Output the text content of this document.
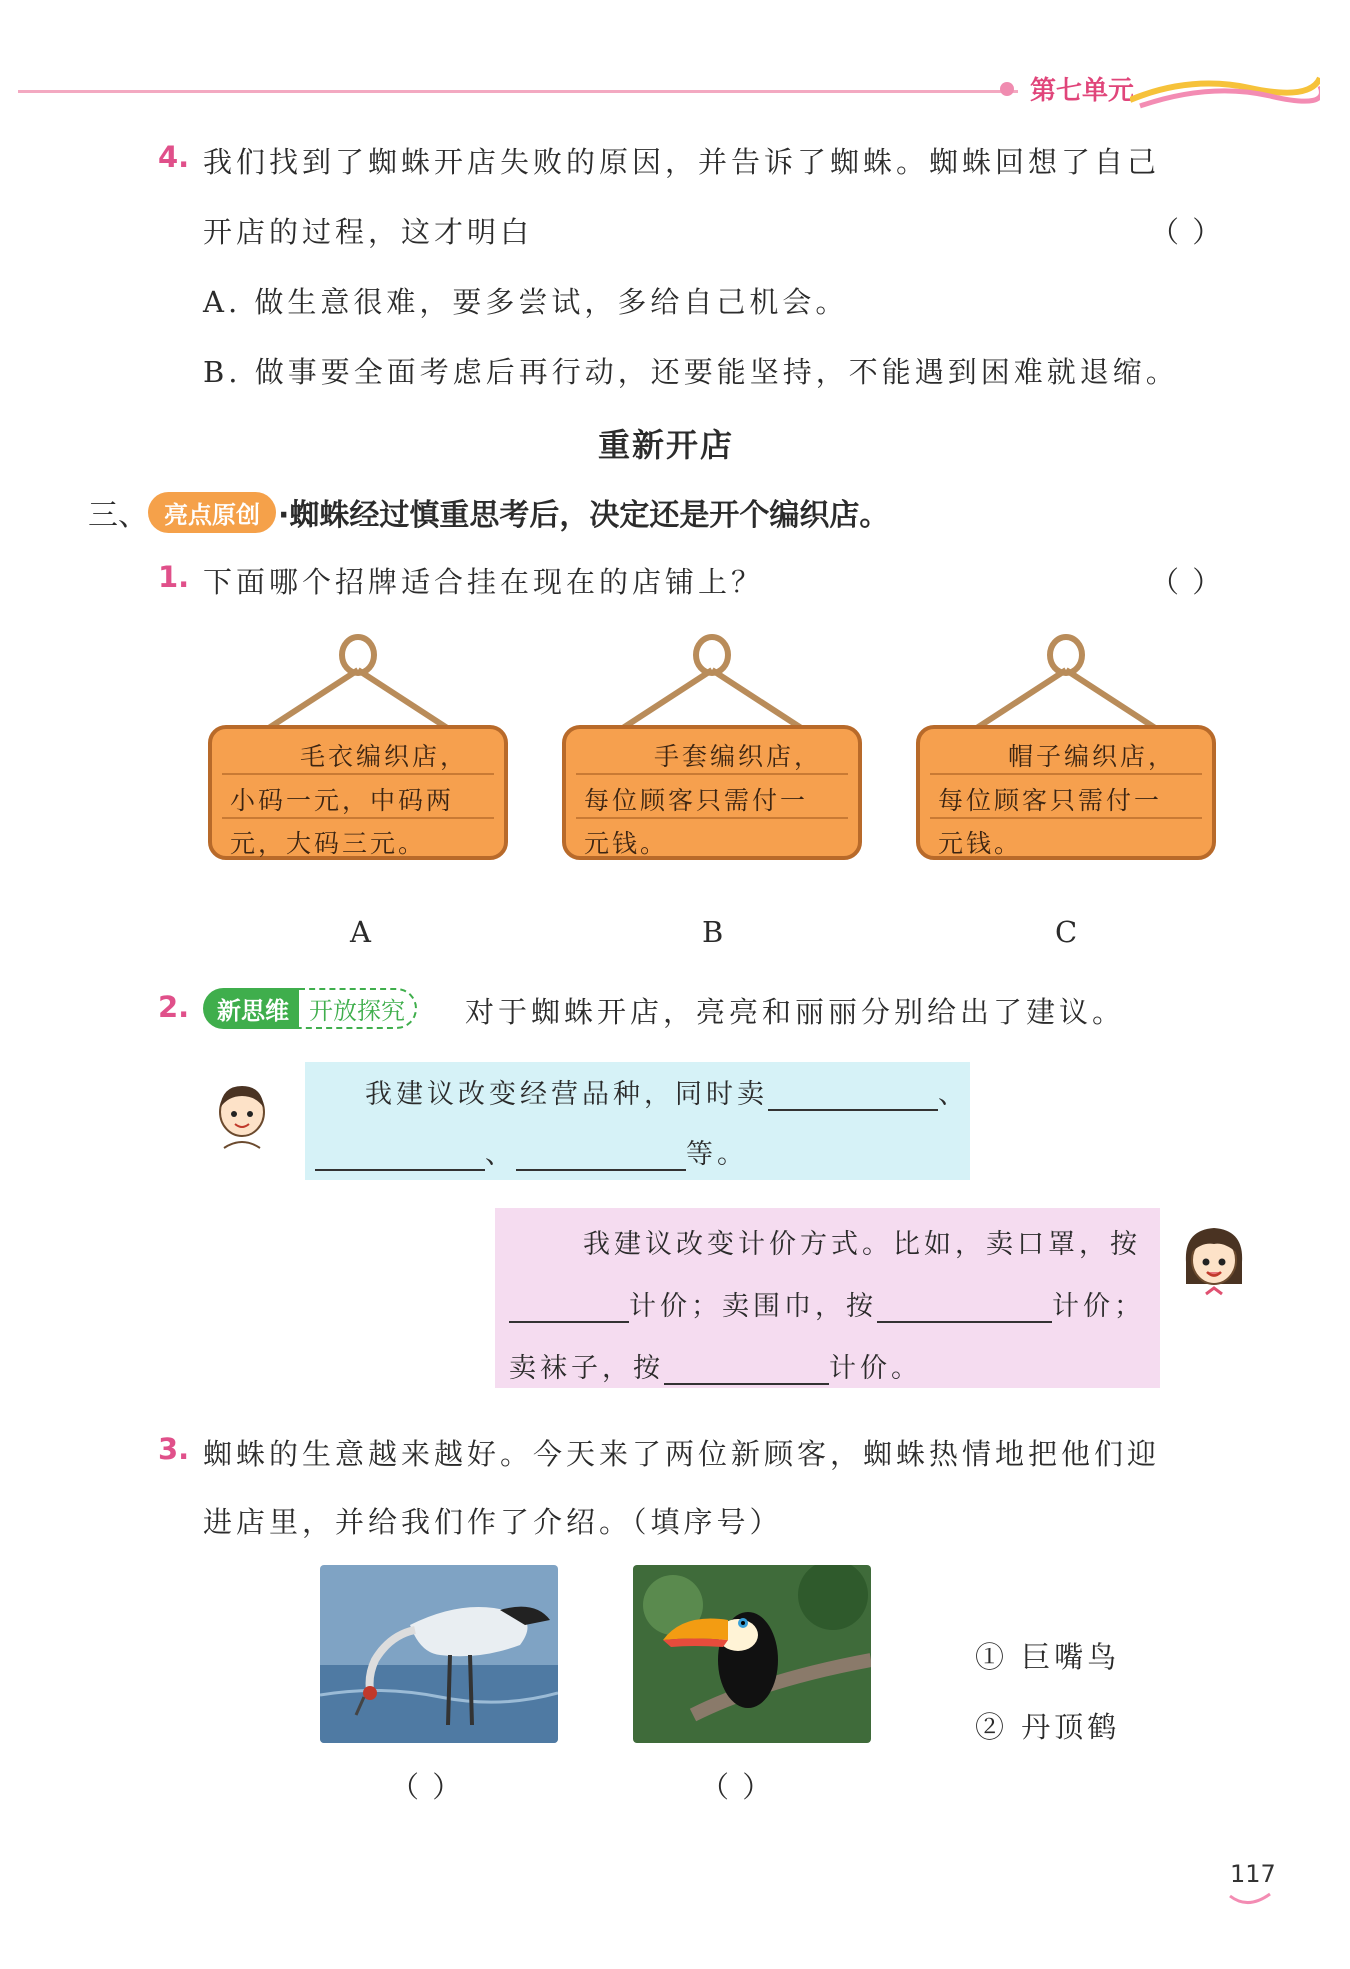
第七单元
4. 我们找到了蜘蛛开店失败的原因，并告诉了蜘蛛。蜘蛛回想了自己
开店的过程，这才明白	（ ）
A. 做生意很难，要多尝试，多给自己机会。
B. 做事要全面考虑后再行动，还要能坚持，不能遇到困难就退缩。
重新开店
三、 亮点原创 ·蜘蛛经过慎重思考后，决定还是开个编织店。
1. 下面哪个招牌适合挂在现在的店铺上？	（ ）
毛衣编织店，
小码一元，中码两
元，大码三元。
A
手套编织店，
每位顾客只需付一
元钱。
B
帽子编织店，
每位顾客只需付一
元钱。
C
2.	新思维 开放探究	对于蜘蛛开店，亮亮和丽丽分别给出了建议。
我建议改变经营品种，同时卖	、
、	等。
我建议改变计价方式。比如，卖口罩，按
计价；卖围巾，按	计价；
卖袜子，按	计价。
3. 蜘蛛的生意越来越好。今天来了两位新顾客，蜘蛛热情地把他们迎
进店里，并给我们作了介绍。（填序号）
（ ）	（ ）
① 巨嘴鸟
② 丹顶鹤
117
